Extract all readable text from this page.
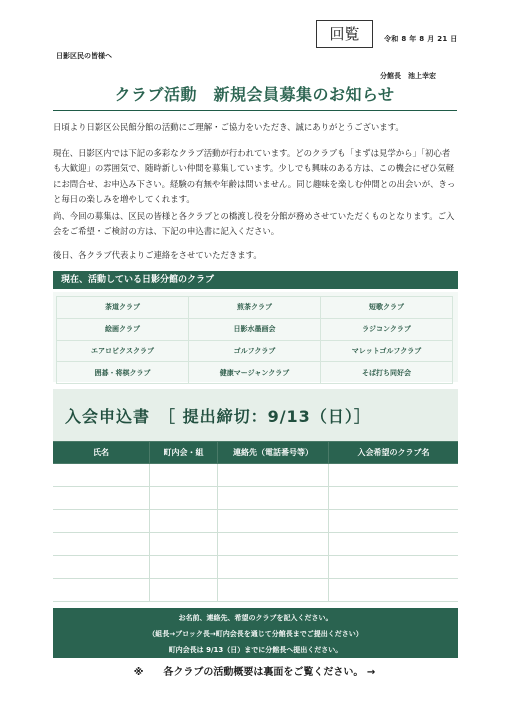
回覧	令和 8 年 8 月 21 日
日影区民の皆様へ
分館長　池上幸宏
クラブ活動　新規会員募集のお知らせ
日頃より日影区公民館分館の活動にご理解・ご協力をいただき、誠にありがとうございます。
現在、日影区内では下記の多彩なクラブ活動が行われています。どのクラブも「まずは見学から」「初心者も大歓迎」の雰囲気で、随時新しい仲間を募集しています。少しでも興味のある方は、この機会にぜひ気軽にお問合せ、お申込み下さい。経験の有無や年齢は問いません。同じ趣味を楽しむ仲間との出会いが、きっと毎日の楽しみを増やしてくれます。
尚、今回の募集は、区民の皆様と各クラブとの橋渡し役を分館が務めさせていただくものとなります。ご入会をご希望・ご検討の方は、下記の申込書に記入ください。
後日、各クラブ代表よりご連絡をさせていただきます。
現在、活動している日影分館のクラブ
茶道クラブ	煎茶クラブ	短歌クラブ
絵画クラブ	日影水墨画会	ラジコンクラブ
エアロビクスクラブ	ゴルフクラブ	マレットゴルフクラブ
囲碁・将棋クラブ	健康マージャンクラブ	そば打ち同好会
入会申込書　［ 提出締切：9/13（日）］
氏名	町内会・組	連絡先（電話番号等）	入会希望のクラブ名

お名前、連絡先、希望のクラブを記入ください。
（組長→ブロック長→町内会長を通じて分館長までご提出ください）
町内会長は 9/13（日）までに分館長へ提出ください。
※　　各クラブの活動概要は裏面をご覧ください。 →
